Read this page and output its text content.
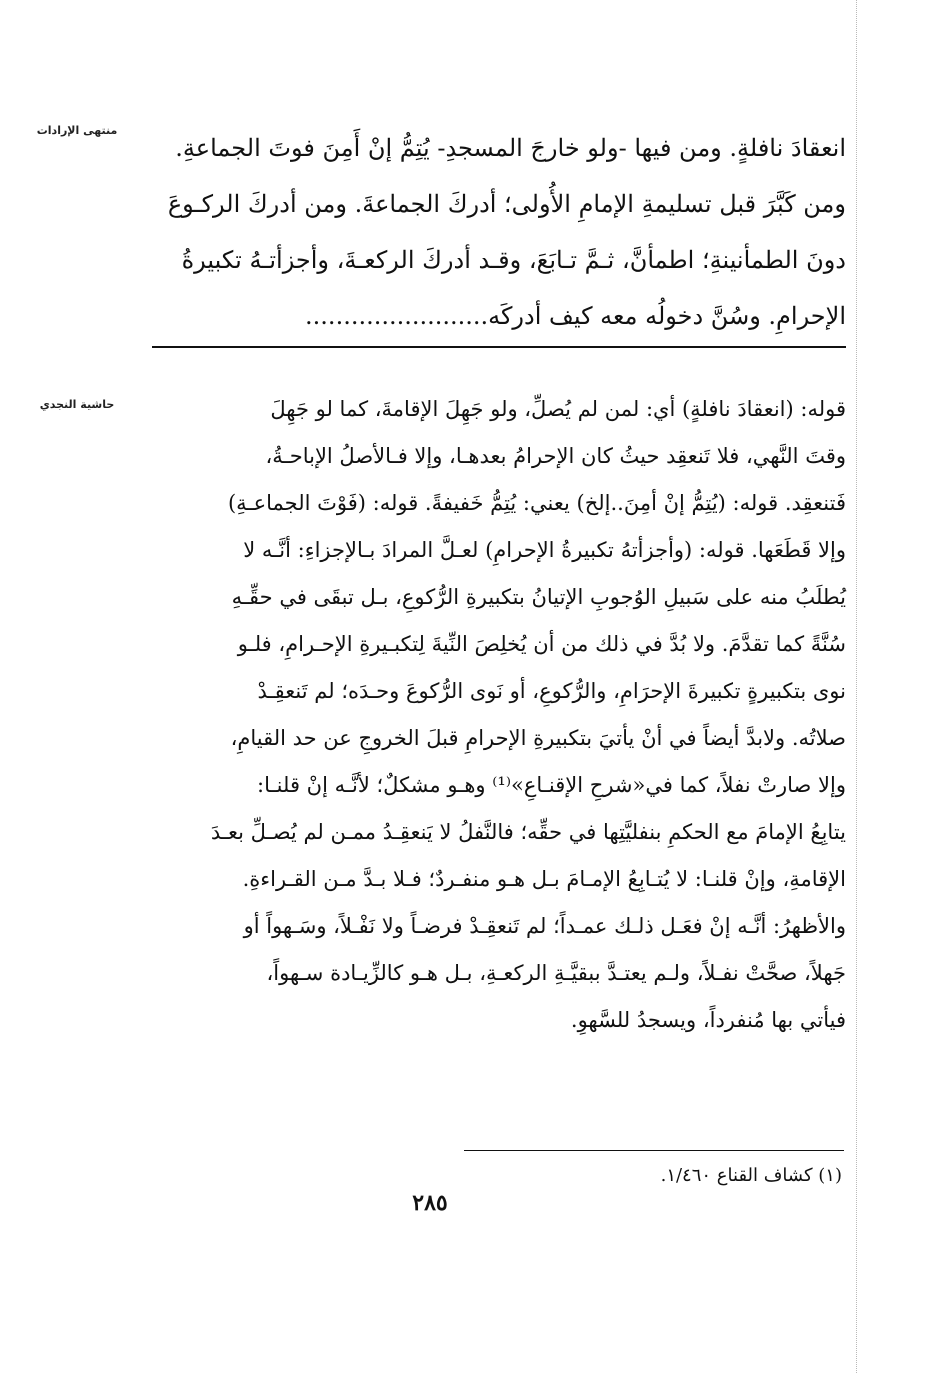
منتهى الإرادات
حاشية النجدي
انعقادَ نافلةٍ. ومن فيها -ولو خارجَ المسجدِ- يُتِمُّ إنْ أَمِنَ فوتَ الجماعةِ.
ومن كَبَّرَ قبل تسليمةِ الإمامِ الأُولى؛ أدركَ الجماعةَ. ومن أدركَ الركـوعَ
دونَ الطمأنينةِ؛ اطمأنَّ، ثـمَّ تـابَعَ، وقـد أدركَ الركعـةَ، وأجزأتـهُ تكبيرةُ
الإحرامِ. وسُنَّ دخولُه معه كيف أدركَه........................
قوله: (انعقادَ نافلةٍ) أي: لمن لم يُصلِّ، ولو جَهِلَ الإقامةَ، كما لو جَهِلَ
وقتَ النَّهي، فلا تَنعقِد حيثُ كان الإحرامُ بعدهـا، وإلا فـالأصلُ الإباحـةُ،
فَتنعقِد. قوله: (يُتِمُّ إنْ أمِنَ..إلخ) يعني: يُتِمُّ خَفيفةً. قوله: (فَوْتَ الجماعـةِ)
وإلا قَطَعَها. قوله: (وأجزأتهُ تكبيرةُ الإحرامِ) لعـلَّ المرادَ بـالإجزاءِ: أنَّـه لا
يُطلَبُ منه على سَبيلِ الوُجوبِ الإتيانُ بتكبيرةِ الرُّكوعِ، بـل تبقَى في حقِّـهِ
سُنَّةً كما تقدَّمَ. ولا بُدَّ في ذلك من أن يُخلِصَ النِّيةَ لِتكبـيرةِ الإحـرامِ، فلـو
نوى بتكبيرةٍ تكبيرةَ الإحرَامِ، والرُّكوعِ، أو نَوى الرُّكوعَ وحـدَه؛ لم تَنعقِـدْ
صلاتُه. ولابدَّ أيضاً في أنْ يأتيَ بتكبيرةِ الإحرامِ قبلَ الخروجِ عن حد القيامِ،
وإلا صارتْ نفلاً، كما في«شرحِ الإقنـاعِ»⁽¹⁾ وهـو مشكلٌ؛ لأنَّـه إنْ قلنـا:
يتابِعُ الإمامَ مع الحكمِ بنفليَّتِها في حقِّه؛ فالنَّفلُ لا يَنعقِـدُ ممـن لم يُصـلِّ بعـدَ
الإقامةِ، وإنْ قلنـا: لا يُتـابِعُ الإمـامَ بـل هـو منفـردٌ؛ فـلا بـدَّ مـن القـراءةِ.
والأظهرُ: أنَّـه إنْ فعَـل ذلـك عمـداً؛ لم تَنعقِـدْ فرضـاً ولا نَفْـلاً، وسَـهواً أو
جَهلاً، صحَّتْ نفـلاً، ولـم يعتـدَّ ببقيَّـةِ الركعـةِ، بـل هـو كالزِّيـادة سـهواً،
فيأتي بها مُنفرداً، ويسجدُ للسَّهوِ.
(١) كشاف القناع ١/٤٦٠.
٢٨٥
